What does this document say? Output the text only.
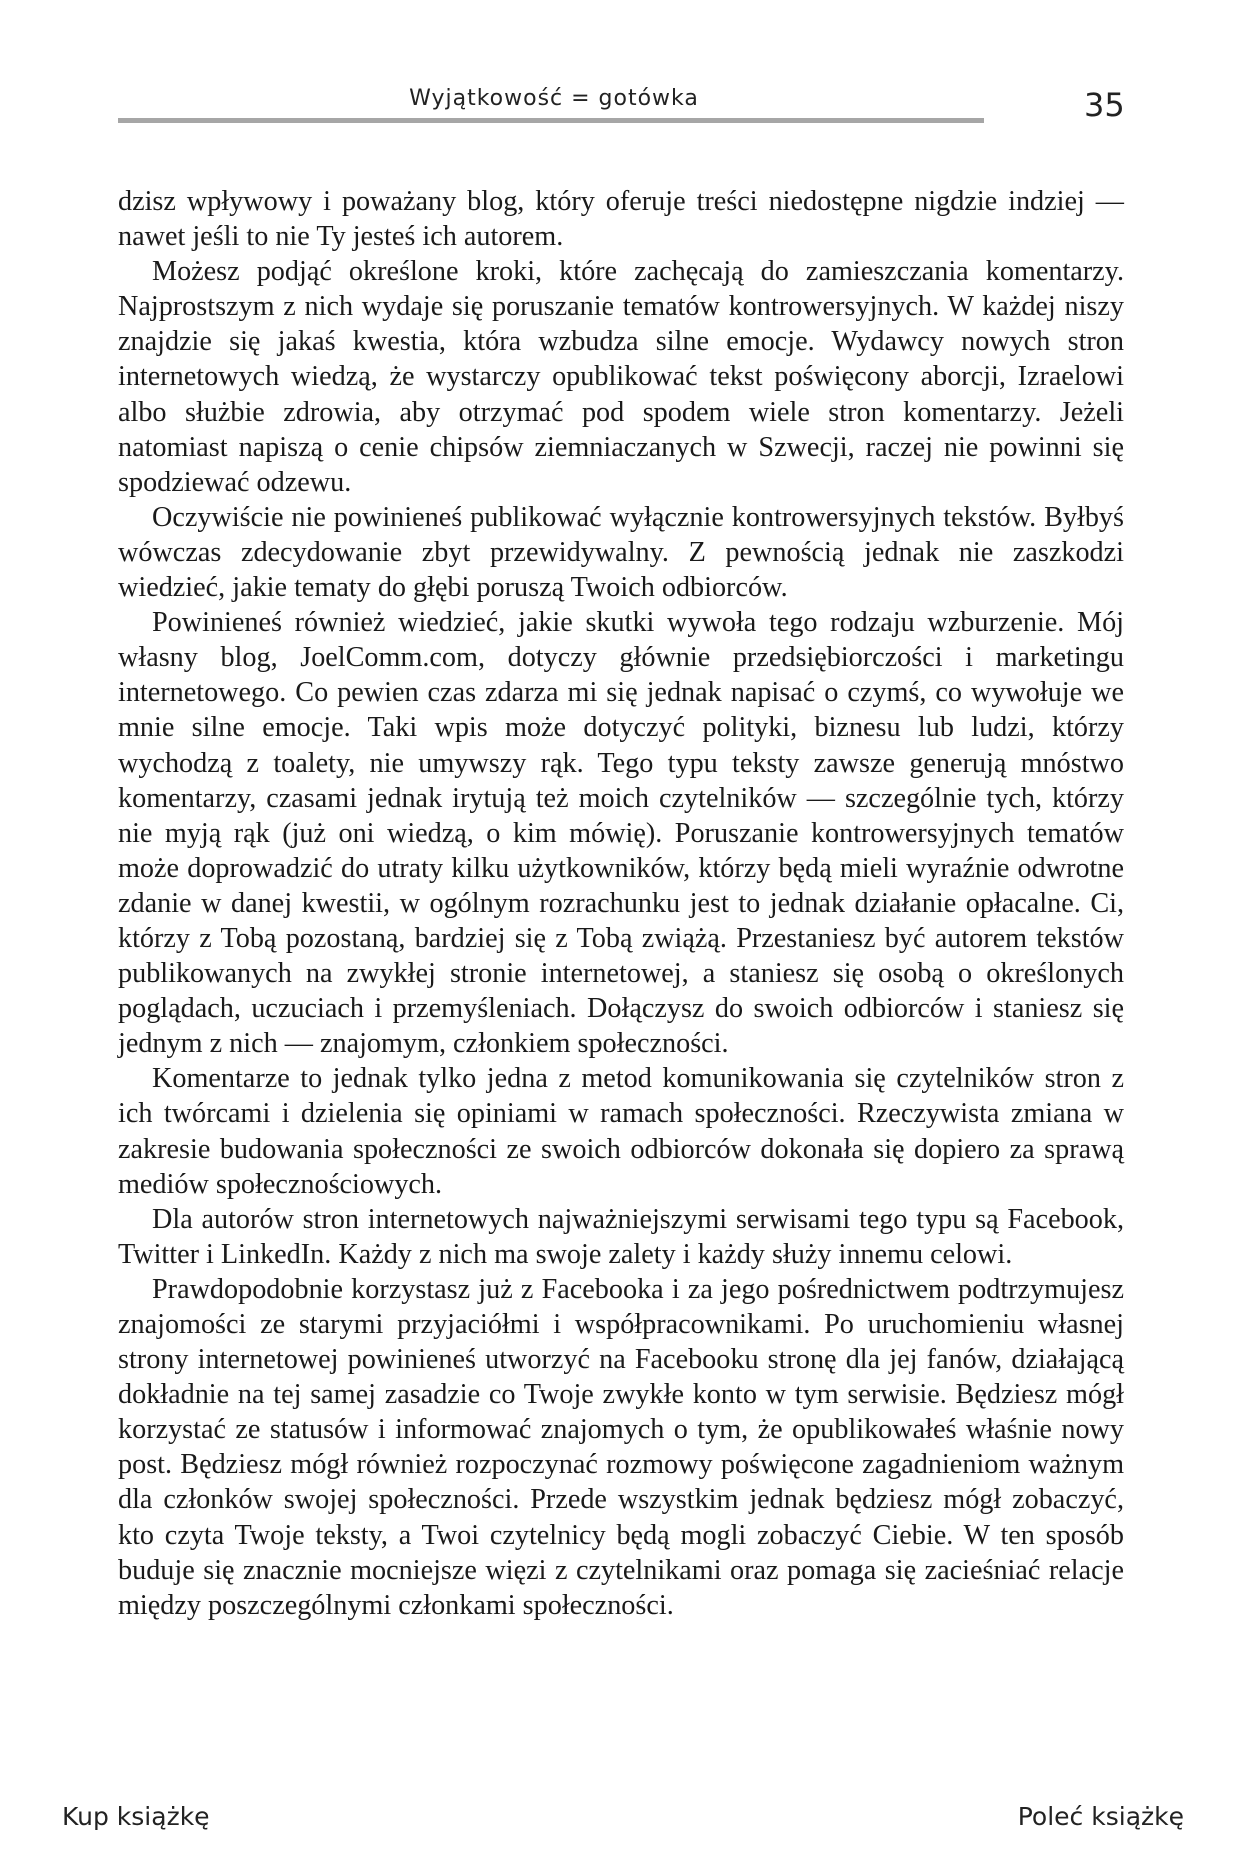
Wyjątkowość = gotówka	35

dzisz wpływowy i poważany blog, który oferuje treści niedostępne nigdzie indziej — nawet jeśli to nie Ty jesteś ich autorem.

Możesz podjąć określone kroki, które zachęcają do zamieszczania komentarzy. Najprostszym z nich wydaje się poruszanie tematów kontrowersyjnych. W każdej niszy znajdzie się jakaś kwestia, która wzbudza silne emocje. Wydawcy nowych stron internetowych wiedzą, że wystarczy opublikować tekst poświęcony aborcji, Izraelowi albo służbie zdrowia, aby otrzymać pod spodem wiele stron komentarzy. Jeżeli natomiast napiszą o cenie chipsów ziemniaczanych w Szwecji, raczej nie powinni się spodziewać odzewu.

Oczywiście nie powinieneś publikować wyłącznie kontrowersyjnych tekstów. Byłbyś wówczas zdecydowanie zbyt przewidywalny. Z pewnością jednak nie zaszkodzi wiedzieć, jakie tematy do głębi poruszą Twoich odbiorców.

Powinieneś również wiedzieć, jakie skutki wywoła tego rodzaju wzburzenie. Mój własny blog, JoelComm.com, dotyczy głównie przedsiębiorczości i marketingu internetowego. Co pewien czas zdarza mi się jednak napisać o czymś, co wywołuje we mnie silne emocje. Taki wpis może dotyczyć polityki, biznesu lub ludzi, którzy wychodzą z toalety, nie umywszy rąk. Tego typu teksty zawsze generują mnóstwo komentarzy, czasami jednak irytują też moich czytelników — szczególnie tych, którzy nie myją rąk (już oni wiedzą, o kim mówię). Poruszanie kontrowersyjnych tematów może doprowadzić do utraty kilku użytkowników, którzy będą mieli wyraźnie odwrotne zdanie w danej kwestii, w ogólnym rozrachunku jest to jednak działanie opłacalne. Ci, którzy z Tobą pozostaną, bardziej się z Tobą zwiążą. Przestaniesz być autorem tekstów publikowanych na zwykłej stronie internetowej, a staniesz się osobą o określonych poglądach, uczuciach i przemyśleniach. Dołączysz do swoich odbiorców i staniesz się jednym z nich — znajomym, członkiem społeczności.

Komentarze to jednak tylko jedna z metod komunikowania się czytelników stron z ich twórcami i dzielenia się opiniami w ramach społeczności. Rzeczywista zmiana w zakresie budowania społeczności ze swoich odbiorców dokonała się dopiero za sprawą mediów społecznościowych.

Dla autorów stron internetowych najważniejszymi serwisami tego typu są Facebook, Twitter i LinkedIn. Każdy z nich ma swoje zalety i każdy służy innemu celowi.

Prawdopodobnie korzystasz już z Facebooka i za jego pośrednictwem podtrzymujesz znajomości ze starymi przyjaciółmi i współpracownikami. Po uruchomieniu własnej strony internetowej powinieneś utworzyć na Facebooku stronę dla jej fanów, działającą dokładnie na tej samej zasadzie co Twoje zwykłe konto w tym serwisie. Będziesz mógł korzystać ze statusów i informować znajomych o tym, że opublikowałeś właśnie nowy post. Będziesz mógł również rozpoczynać rozmowy poświęcone zagadnieniom ważnym dla członków swojej społeczności. Przede wszystkim jednak będziesz mógł zobaczyć, kto czyta Twoje teksty, a Twoi czytelnicy będą mogli zobaczyć Ciebie. W ten sposób buduje się znacznie mocniejsze więzi z czytelnikami oraz pomaga się zacieśniać relacje między poszczególnymi członkami społeczności.

Kup książkę	Poleć książkę
